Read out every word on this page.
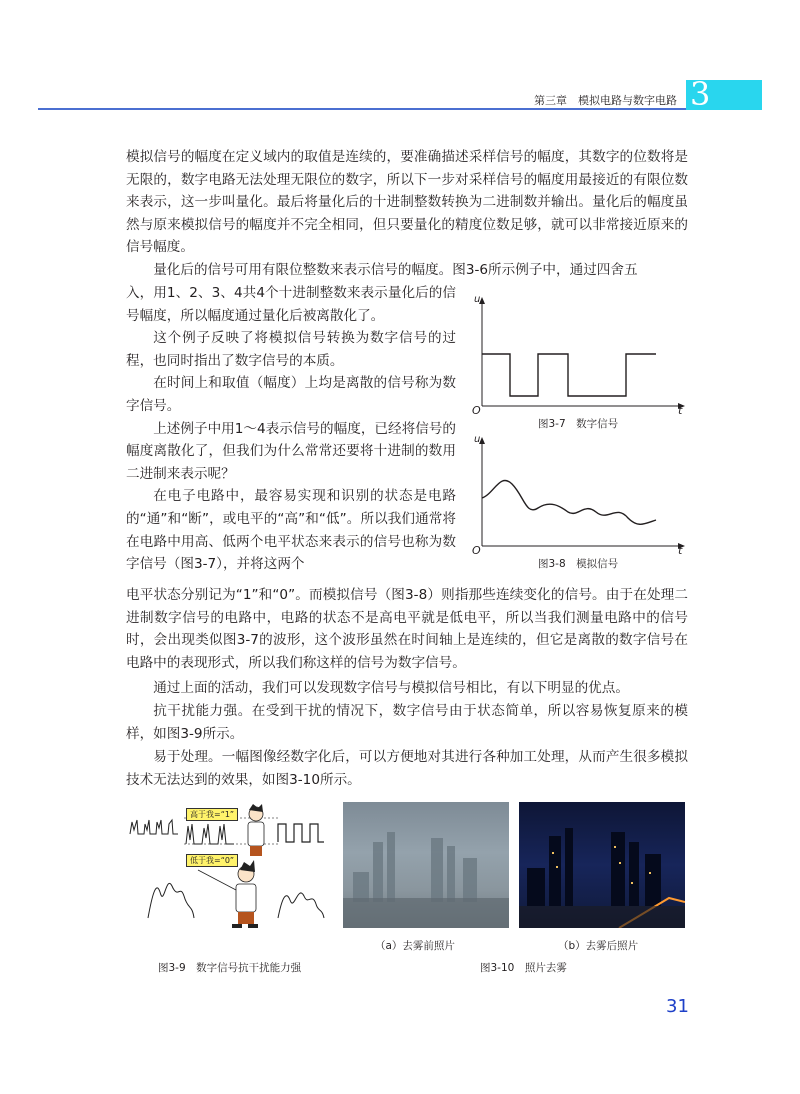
第三章　模拟电路与数字电路 3
模拟信号的幅度在定义域内的取值是连续的，要准确描述采样信号的幅度，其数字的位数将是无限的，数字电路无法处理无限位的数字，所以下一步对采样信号的幅度用最接近的有限位数来表示，这一步叫量化。最后将量化后的十进制整数转换为二进制数并输出。量化后的幅度虽然与原来模拟信号的幅度并不完全相同，但只要量化的精度位数足够，就可以非常接近原来的信号幅度。
量化后的信号可用有限位整数来表示信号的幅度。图3-6所示例子中，通过四舍五
入，用1、2、3、4共4个十进制整数来表示量化后的信号幅度，所以幅度通过量化后被离散化了。
这个例子反映了将模拟信号转换为数字信号的过程，也同时指出了数字信号的本质。
在时间上和取值（幅度）上均是离散的信号称为数字信号。
上述例子中用1～4表示信号的幅度，已经将信号的幅度离散化了，但我们为什么常常还要将十进制的数用二进制来表示呢？
在电子电路中，最容易实现和识别的状态是电路的“通”和“断”，或电平的“高”和“低”。所以我们通常将在电路中用高、低两个电平状态来表示的信号也称为数字信号（图3-7），并将这两个
电平状态分别记为“1”和“0”。而模拟信号（图3-8）则指那些连续变化的信号。由于在处理二进制数字信号的电路中，电路的状态不是高电平就是低电平，所以当我们测量电路中的信号时，会出现类似图3-7的波形，这个波形虽然在时间轴上是连续的，但它是离散的数字信号在电路中的表现形式，所以我们称这样的信号为数字信号。
通过上面的活动，我们可以发现数字信号与模拟信号相比，有以下明显的优点。
抗干扰能力强。在受到干扰的情况下，数字信号由于状态简单，所以容易恢复原来的模样，如图3-9所示。
易于处理。一幅图像经数字化后，可以方便地对其进行各种加工处理，从而产生很多模拟技术无法达到的效果，如图3-10所示。
u
O	t
图3-7　数字信号
u
O	t
图3-8　模拟信号
高于我=“1”
低于我=“0”
图3-9　数字信号抗干扰能力强
（a）去雾前照片	（b）去雾后照片
图3-10　照片去雾
31
